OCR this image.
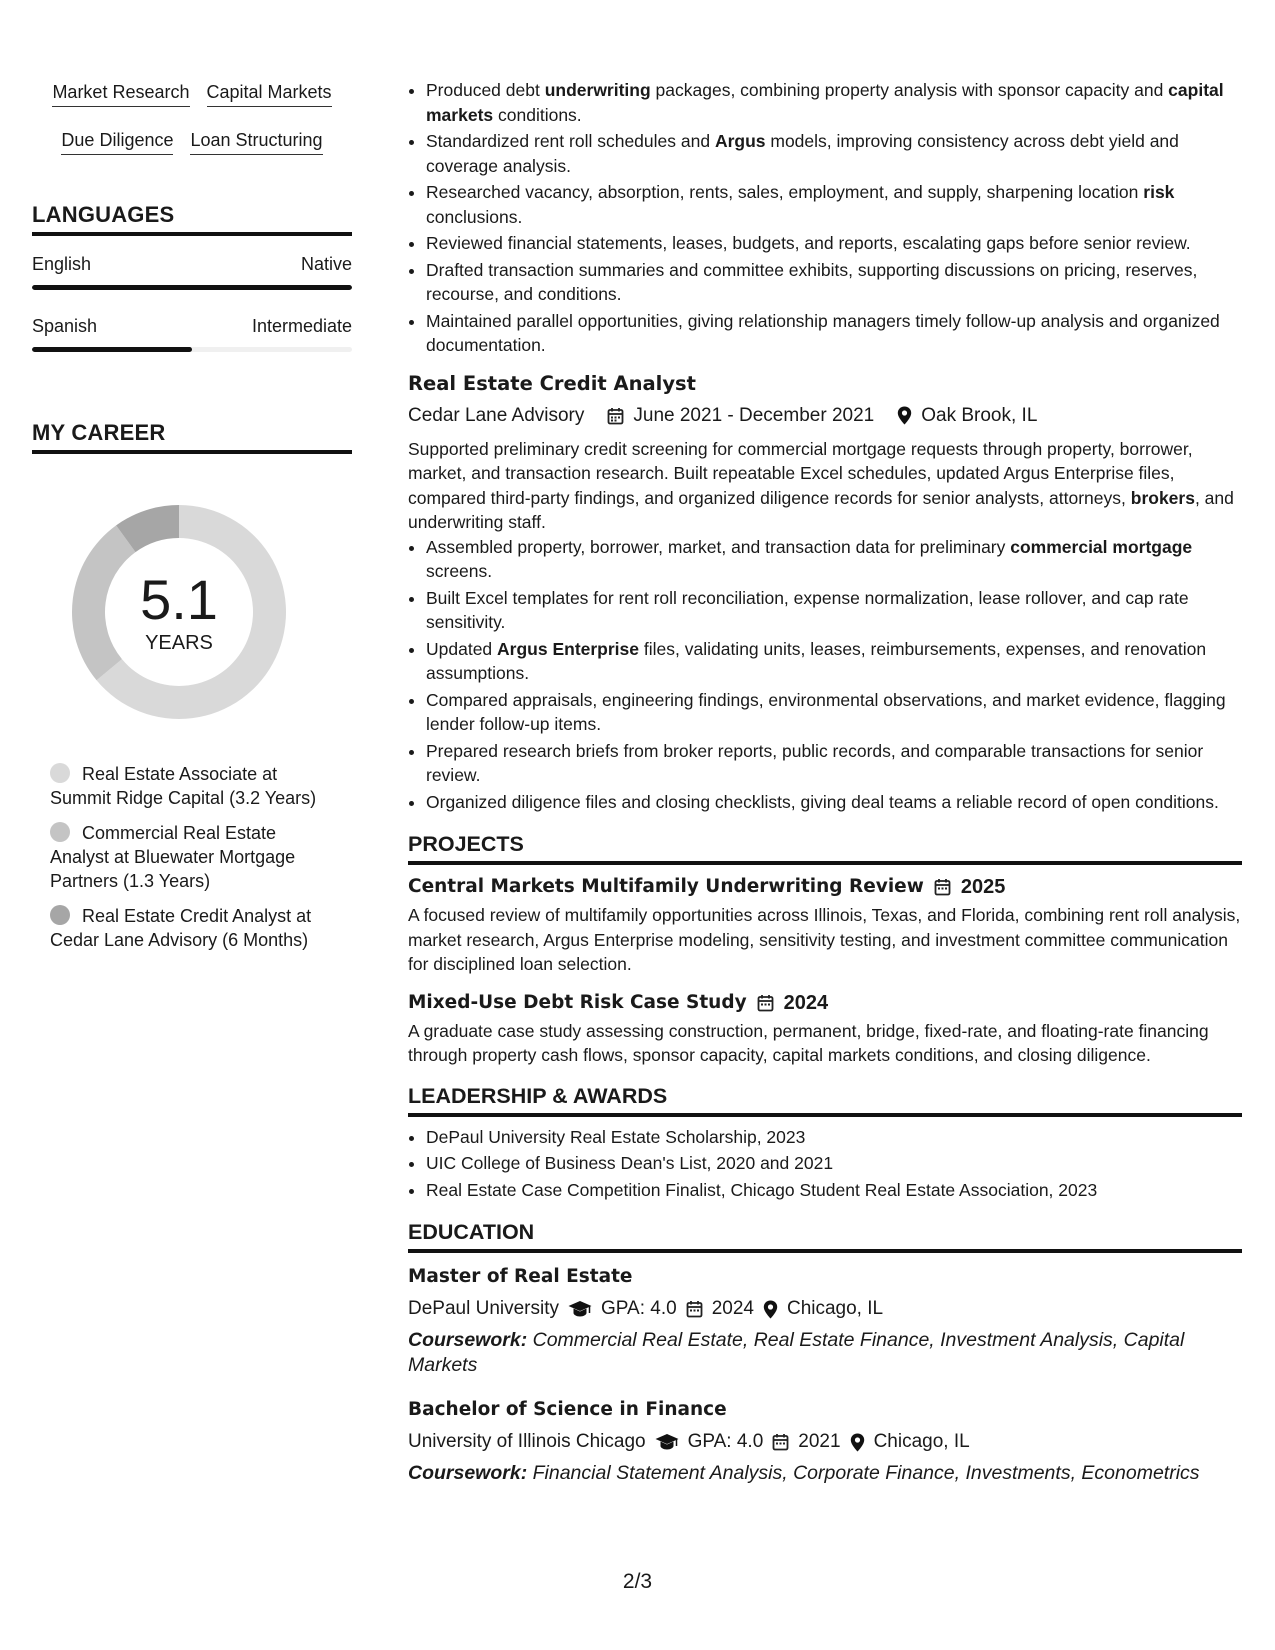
Market Research Capital Markets
Due Diligence Loan Structuring
LANGUAGES
English	Native
Spanish	Intermediate
MY CAREER
5.1
YEARS
Real Estate Associate at Summit Ridge Capital (3.2 Years)
Commercial Real Estate Analyst at Bluewater Mortgage Partners (1.3 Years)
Real Estate Credit Analyst at Cedar Lane Advisory (6 Months)
• Produced debt underwriting packages, combining property analysis with sponsor capacity and capital markets conditions.
• Standardized rent roll schedules and Argus models, improving consistency across debt yield and coverage analysis.
• Researched vacancy, absorption, rents, sales, employment, and supply, sharpening location risk conclusions.
• Reviewed financial statements, leases, budgets, and reports, escalating gaps before senior review.
• Drafted transaction summaries and committee exhibits, supporting discussions on pricing, reserves, recourse, and conditions.
• Maintained parallel opportunities, giving relationship managers timely follow-up analysis and organized documentation.
Real Estate Credit Analyst
Cedar Lane Advisory	June 2021 - December 2021 Oak Brook, IL
Supported preliminary credit screening for commercial mortgage requests through property, borrower, market, and transaction research. Built repeatable Excel schedules, updated Argus Enterprise files, compared third-party findings, and organized diligence records for senior analysts, attorneys, brokers, and underwriting staff.
• Assembled property, borrower, market, and transaction data for preliminary commercial mortgage screens.
• Built Excel templates for rent roll reconciliation, expense normalization, lease rollover, and cap rate sensitivity.
• Updated Argus Enterprise files, validating units, leases, reimbursements, expenses, and renovation assumptions.
• Compared appraisals, engineering findings, environmental observations, and market evidence, flagging lender follow-up items.
• Prepared research briefs from broker reports, public records, and comparable transactions for senior review.
• Organized diligence files and closing checklists, giving deal teams a reliable record of open conditions.
PROJECTS
Central Markets Multifamily Underwriting Review 2025
A focused review of multifamily opportunities across Illinois, Texas, and Florida, combining rent roll analysis, market research, Argus Enterprise modeling, sensitivity testing, and investment committee communication for disciplined loan selection.
Mixed-Use Debt Risk Case Study 2024
A graduate case study assessing construction, permanent, bridge, fixed-rate, and floating-rate financing through property cash flows, sponsor capacity, capital markets conditions, and closing diligence.
LEADERSHIP & AWARDS
• DePaul University Real Estate Scholarship, 2023
• UIC College of Business Dean's List, 2020 and 2021
• Real Estate Case Competition Finalist, Chicago Student Real Estate Association, 2023
EDUCATION
Master of Real Estate
DePaul University GPA: 4.0 2024 Chicago, IL
Coursework: Commercial Real Estate, Real Estate Finance, Investment Analysis, Capital Markets
Bachelor of Science in Finance
University of Illinois Chicago GPA: 4.0 2021 Chicago, IL
Coursework: Financial Statement Analysis, Corporate Finance, Investments, Econometrics
2/3
